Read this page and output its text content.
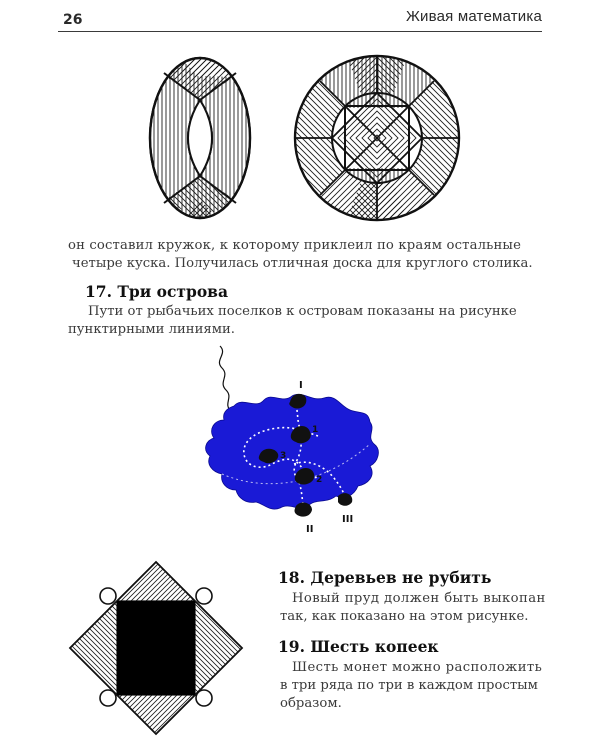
26	Живая математика
он составил кружок, к которому приклеил по краям остальные
четыре куска. Получилась отличная доска для круглого столика.
17. Три острова
Пути от рыбачьих поселков к островам показаны на рисунке
пунктирными линиями.
I
1
3
2
II
III
18. Деревьев не рубить
Новый пруд должен быть выкопан
так, как показано на этом рисунке.
19. Шесть копеек
Шесть монет можно расположить
в три ряда по три в каждом простым
образом.
